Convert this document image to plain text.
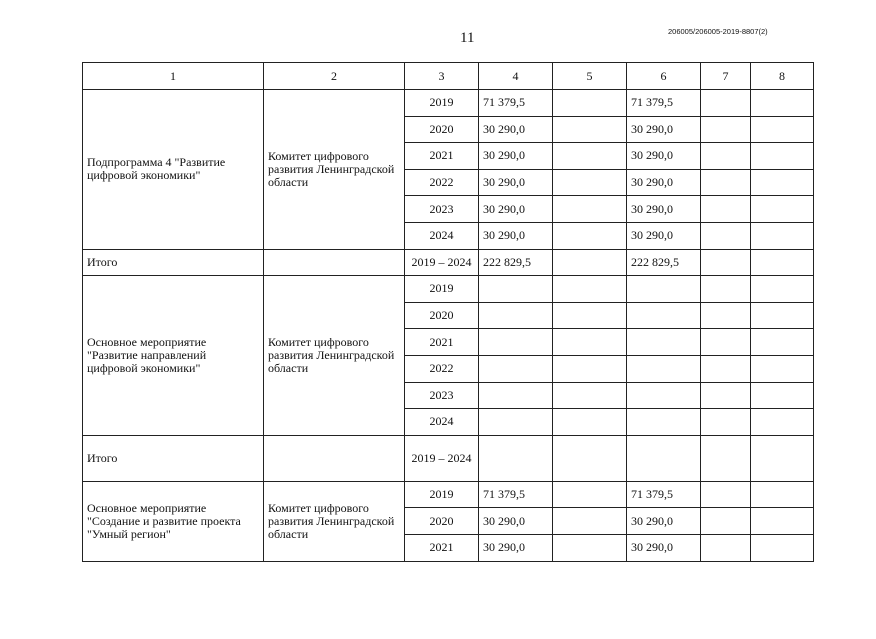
11	206005/206005-2019-8807(2)
1	2	3	4	5	6	7	8
Подпрограмма 4 "Развитие цифровой экономики"	Комитет цифрового развития Ленинградской области	2019	71 379,5		71 379,5		
		2020	30 290,0		30 290,0		
		2021	30 290,0		30 290,0		
		2022	30 290,0		30 290,0		
		2023	30 290,0		30 290,0		
		2024	30 290,0		30 290,0		
Итого		2019 – 2024	222 829,5		222 829,5		
Основное мероприятие "Развитие направлений цифровой экономики"	Комитет цифрового развития Ленинградской области	2019					
		2020					
		2021					
		2022					
		2023					
		2024					
Итого		2019 – 2024					
Основное мероприятие "Создание и развитие проекта "Умный регион"	Комитет цифрового развития Ленинградской области	2019	71 379,5		71 379,5		
		2020	30 290,0		30 290,0		
		2021	30 290,0		30 290,0		
